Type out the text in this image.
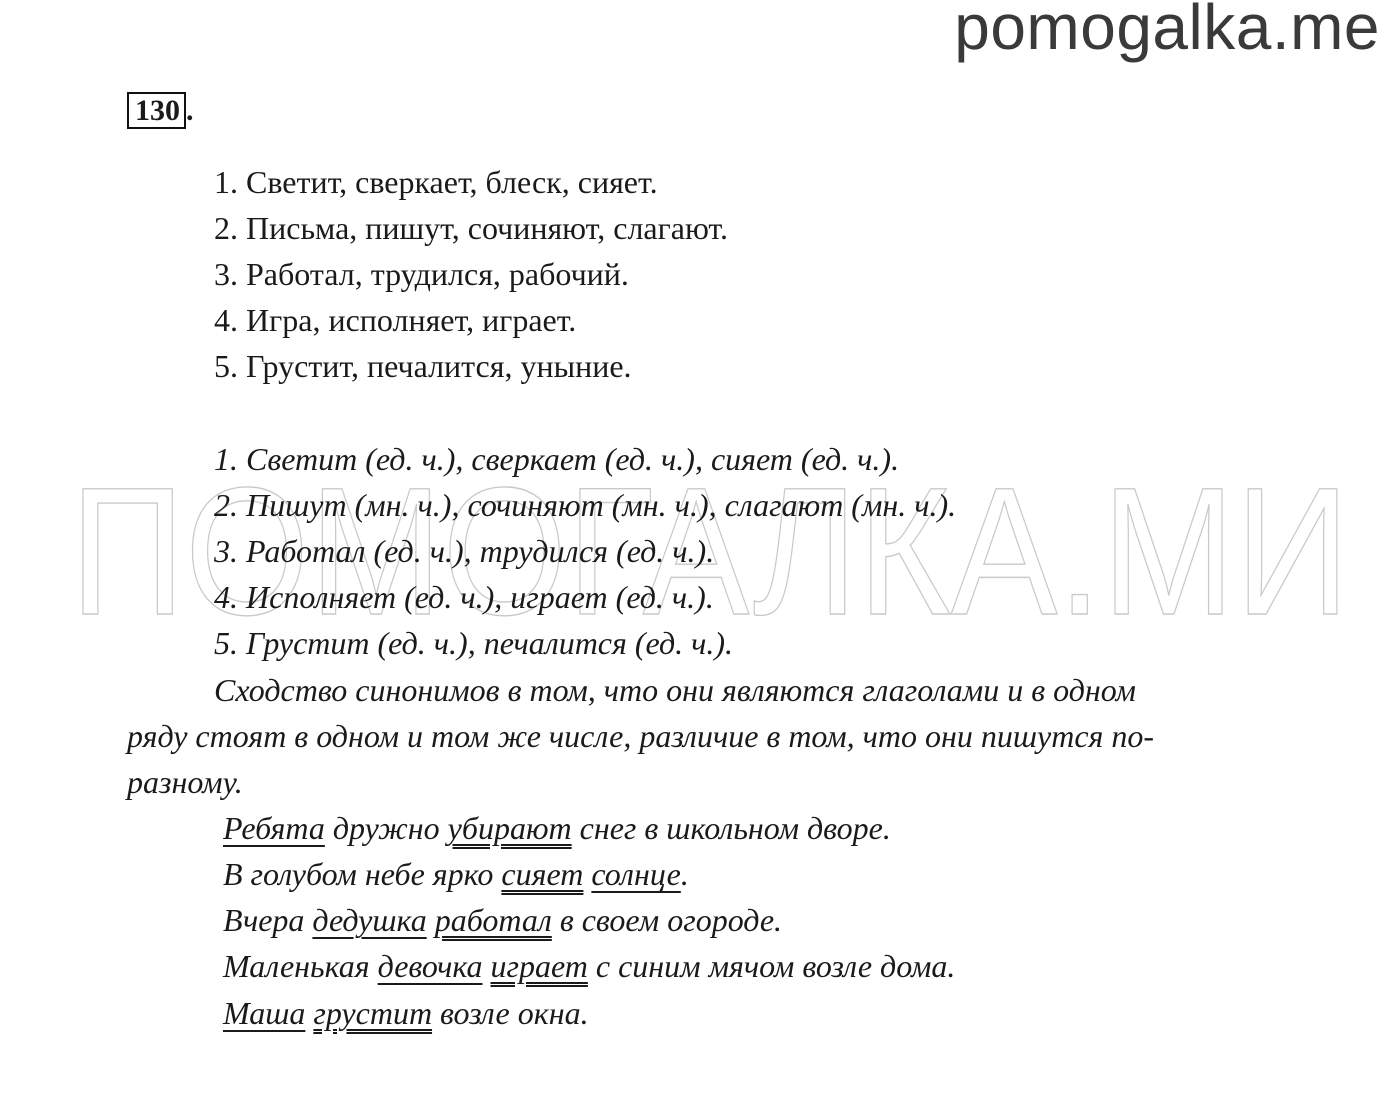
pomogalka.me
130 .
ПОМОГАЛКА.МИ
1. Светит, сверкает, блеск, сияет.
2. Письма, пишут, сочиняют, слагают.
3. Работал, трудился, рабочий.
4. Игра, исполняет, играет.
5. Грустит, печалится, уныние.
1. Светит (ед. ч.), сверкает (ед. ч.), сияет (ед. ч.).
2. Пишут (мн. ч.), сочиняют (мн. ч.), слагают (мн. ч.).
3. Работал (ед. ч.), трудился (ед. ч.).
4. Исполняет (ед. ч.), играет (ед. ч.).
5. Грустит (ед. ч.), печалится (ед. ч.).
Сходство синонимов в том, что они являются глаголами и в одном
ряду стоят в одном и том же числе, различие в том, что они пишутся по-
разному.
Ребята дружно убирают снег в школьном дворе.
В голубом небе ярко сияет солнце.
Вчера дедушка работал в своем огороде.
Маленькая девочка играет с синим мячом возле дома.
Маша грустит возле окна.
